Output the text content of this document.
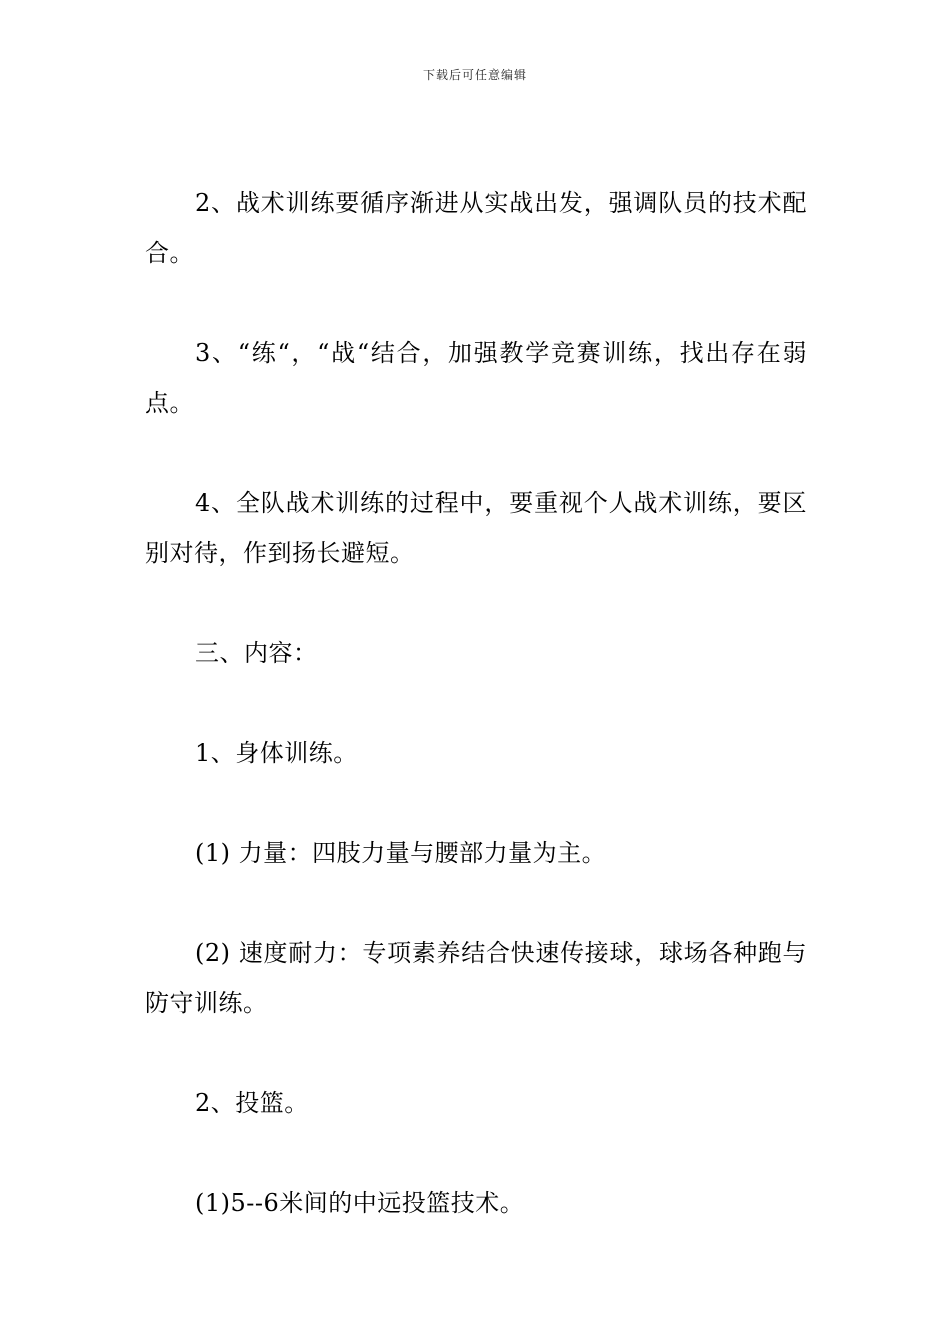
下载后可任意编辑

2、战术训练要循序渐进从实战出发，强调队员的技术配合。

3、“练“，“战“结合，加强教学竞赛训练，找出存在弱点。

4、全队战术训练的过程中，要重视个人战术训练，要区别对待，作到扬长避短。

三、内容：

1、身体训练。

(1) 力量：四肢力量与腰部力量为主。

(2) 速度耐力：专项素养结合快速传接球，球场各种跑与防守训练。

2、投篮。

(1)5--6米间的中远投篮技术。
